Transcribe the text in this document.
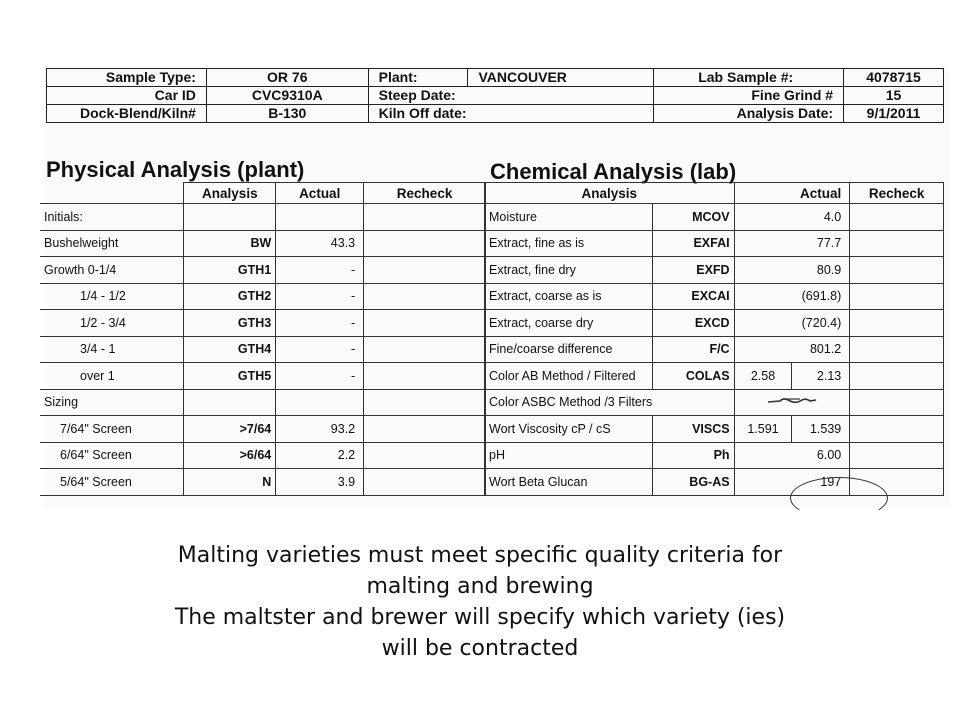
Sample Type:	OR 76	Plant:	VANCOUVER	Lab Sample #:	4078715
Car ID	CVC9310A	Steep Date:		Fine Grind #	15
Dock-Blend/Kiln#	B-130	Kiln Off date:		Analysis Date:	9/1/2011
Physical Analysis (plant)	Chemical Analysis (lab)
	Analysis	Actual	Recheck
Initials:			
Bushelweight	BW	43.3	
Growth 0-1/4	GTH1	-	
1/4 - 1/2	GTH2	-	
1/2 - 3/4	GTH3	-	
3/4 - 1	GTH4	-	
over 1	GTH5	-	
Sizing			
7/64" Screen	>7/64	93.2	
6/64" Screen	>6/64	2.2	
5/64" Screen	N	3.9	
Analysis		Actual		Recheck
Moisture	MCOV	4.0		
Extract, fine as is	EXFAI	77.7		
Extract, fine dry	EXFD	80.9		
Extract, coarse as is	EXCAI	(691.8)		
Extract, coarse dry	EXCD	(720.4)		
Fine/coarse difference	F/C	801.2		
Color AB Method / Filtered	COLAS	2.58	2.13	
Color ASBC Method /3 Filters		
Wort Viscosity cP / cS	VISCS	1.591	1.539	
pH	Ph	6.00		
Wort Beta Glucan	BG-AS	197		
Malting varieties must meet specific quality criteria for
malting and brewing
The maltster and brewer will specify which variety (ies)
will be contracted
